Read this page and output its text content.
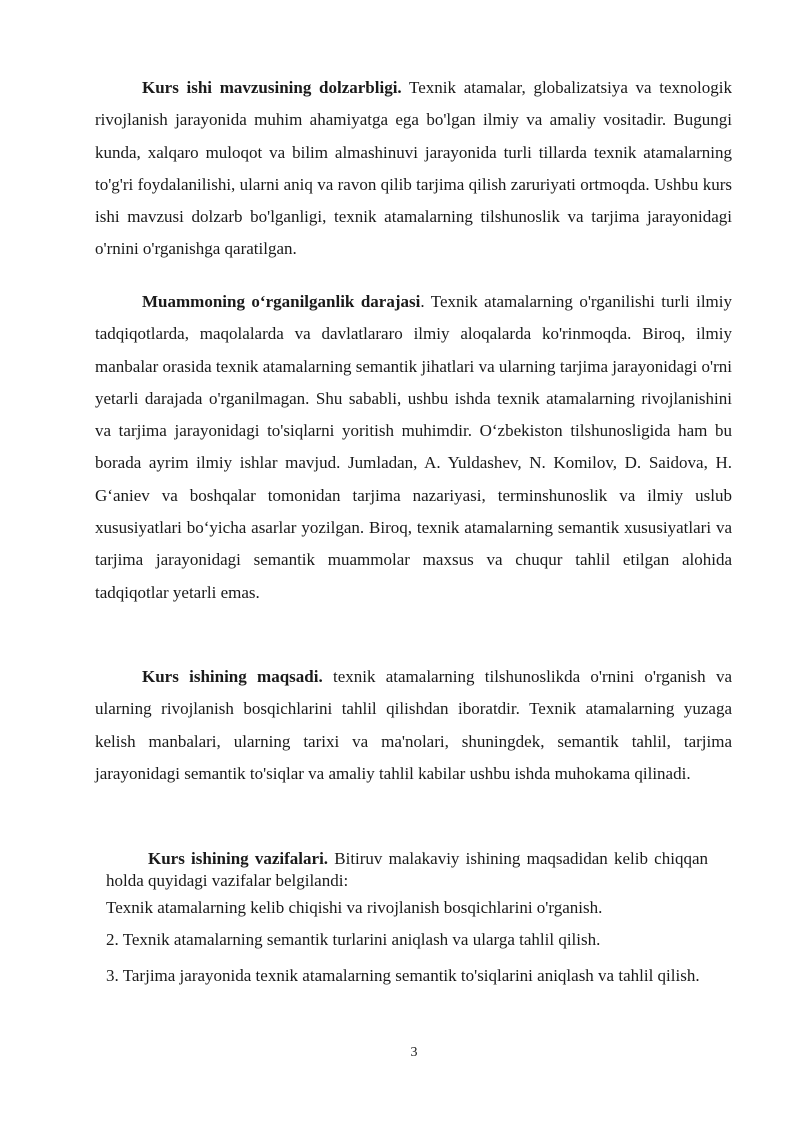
Kurs ishi mavzusining dolzarbligi. Texnik atamalar, globalizatsiya va texnologik rivojlanish jarayonida muhim ahamiyatga ega bo'lgan ilmiy va amaliy vositadir. Bugungi kunda, xalqaro muloqot va bilim almashinuvi jarayonida turli tillarda texnik atamalarning to'g'ri foydalanilishi, ularni aniq va ravon qilib tarjima qilish zaruriyati ortmoqda. Ushbu kurs ishi mavzusi dolzarb bo'lganligi, texnik atamalarning tilshunoslik va tarjima jarayonidagi o'rnini o'rganishga qaratilgan.

Muammoning oʻrganilganlik darajasi. Texnik atamalarning o'rganilishi turli ilmiy tadqiqotlarda, maqolalarda va davlatlararo ilmiy aloqalarda ko'rinmoqda. Biroq, ilmiy manbalar orasida texnik atamalarning semantik jihatlari va ularning tarjima jarayonidagi o'rni yetarli darajada o'rganilmagan. Shu sababli, ushbu ishda texnik atamalarning rivojlanishini va tarjima jarayonidagi to'siqlarni yoritish muhimdir. Oʻzbekiston tilshunosligida ham bu borada ayrim ilmiy ishlar mavjud. Jumladan, A. Yuldashev, N. Komilov, D. Saidova, H. Gʻaniev va boshqalar tomonidan tarjima nazariyasi, terminshunoslik va ilmiy uslub xususiyatlari boʻyicha asarlar yozilgan. Biroq, texnik atamalarning semantik xususiyatlari va tarjima jarayonidagi semantik muammolar maxsus va chuqur tahlil etilgan alohida tadqiqotlar yetarli emas.

Kurs ishining maqsadi. texnik atamalarning tilshunoslikda o'rnini o'rganish va ularning rivojlanish bosqichlarini tahlil qilishdan iboratdir. Texnik atamalarning yuzaga kelish manbalari, ularning tarixi va ma'nolari, shuningdek, semantik tahlil, tarjima jarayonidagi semantik to'siqlar va amaliy tahlil kabilar ushbu ishda muhokama qilinadi.

Kurs ishining vazifalari. Bitiruv malakaviy ishining maqsadidan kelib chiqqan holda quyidagi vazifalar belgilandi:

Texnik atamalarning kelib chiqishi va rivojlanish bosqichlarini o'rganish.

2. Texnik atamalarning semantik turlarini aniqlash va ularga tahlil qilish.

3. Tarjima jarayonida texnik atamalarning semantik to'siqlarini aniqlash va tahlil qilish.

3
